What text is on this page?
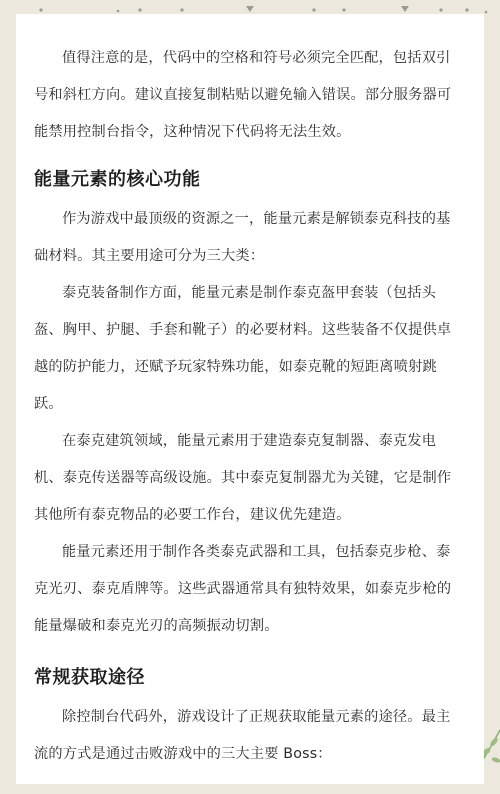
值得注意的是，代码中的空格和符号必须完全匹配，包括双引号和斜杠方向。建议直接复制粘贴以避免输入错误。部分服务器可能禁用控制台指令，这种情况下代码将无法生效。

能量元素的核心功能

作为游戏中最顶级的资源之一，能量元素是解锁泰克科技的基础材料。其主要用途可分为三大类：

泰克装备制作方面，能量元素是制作泰克盔甲套装（包括头盔、胸甲、护腿、手套和靴子）的必要材料。这些装备不仅提供卓越的防护能力，还赋予玩家特殊功能，如泰克靴的短距离喷射跳跃。

在泰克建筑领域，能量元素用于建造泰克复制器、泰克发电机、泰克传送器等高级设施。其中泰克复制器尤为关键，它是制作其他所有泰克物品的必要工作台，建议优先建造。

能量元素还用于制作各类泰克武器和工具，包括泰克步枪、泰克光刃、泰克盾牌等。这些武器通常具有独特效果，如泰克步枪的能量爆破和泰克光刃的高频振动切割。

常规获取途径

除控制台代码外，游戏设计了正规获取能量元素的途径。最主流的方式是通过击败游戏中的三大主要 Boss：
